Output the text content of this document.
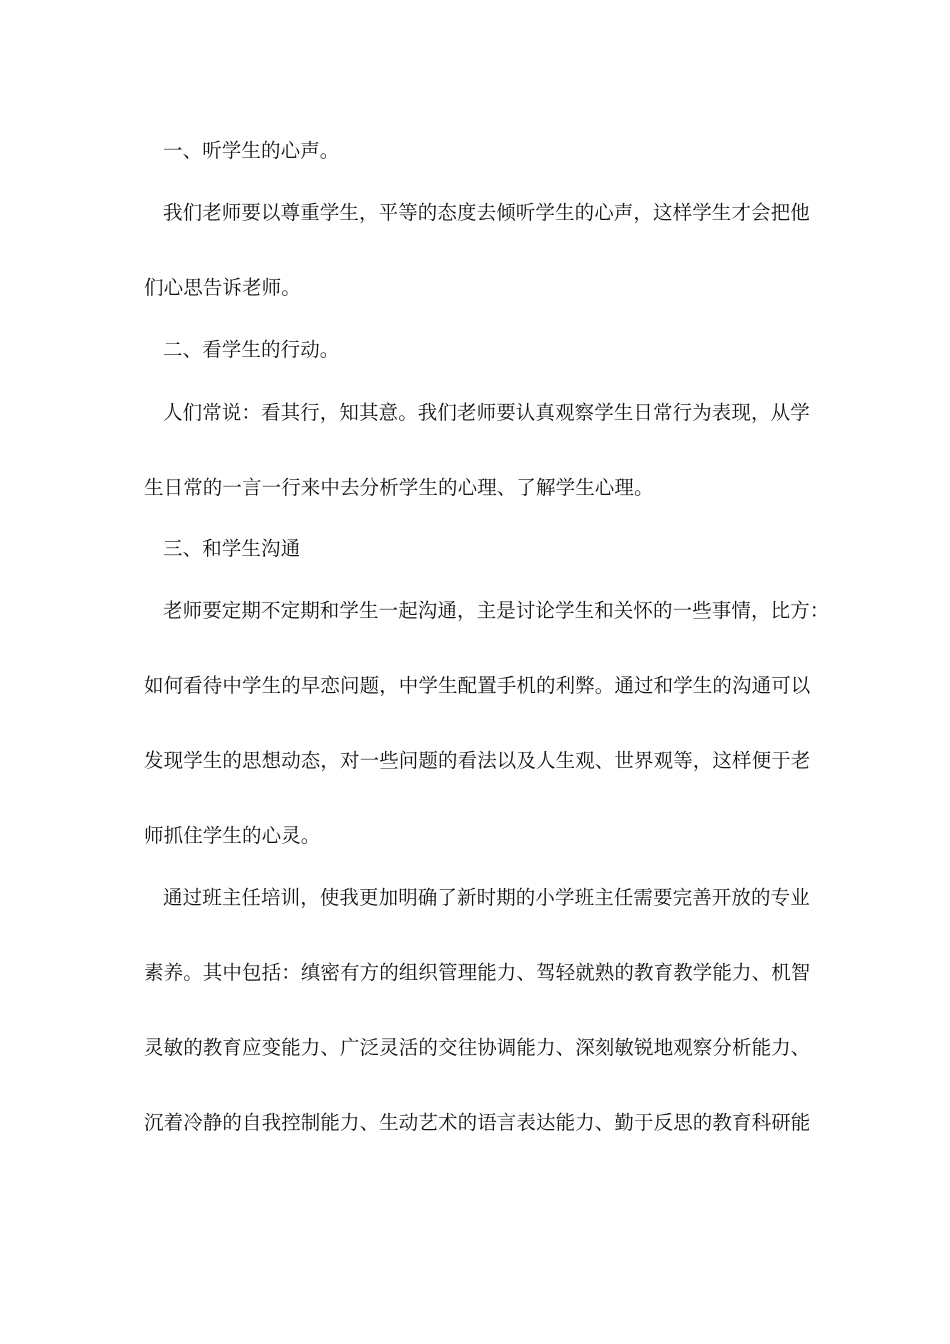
一、听学生的心声。
我们老师要以尊重学生，平等的态度去倾听学生的心声，这样学生才会把他
们心思告诉老师。
二、看学生的行动。
人们常说：看其行，知其意。我们老师要认真观察学生日常行为表现，从学
生日常的一言一行来中去分析学生的心理、了解学生心理。
三、和学生沟通
老师要定期不定期和学生一起沟通，主是讨论学生和关怀的一些事情，比方：
如何看待中学生的早恋问题，中学生配置手机的利弊。通过和学生的沟通可以
发现学生的思想动态，对一些问题的看法以及人生观、世界观等，这样便于老
师抓住学生的心灵。
通过班主任培训，使我更加明确了新时期的小学班主任需要完善开放的专业
素养。其中包括：缜密有方的组织管理能力、驾轻就熟的教育教学能力、机智
灵敏的教育应变能力、广泛灵活的交往协调能力、深刻敏锐地观察分析能力、
沉着冷静的自我控制能力、生动艺术的语言表达能力、勤于反思的教育科研能
